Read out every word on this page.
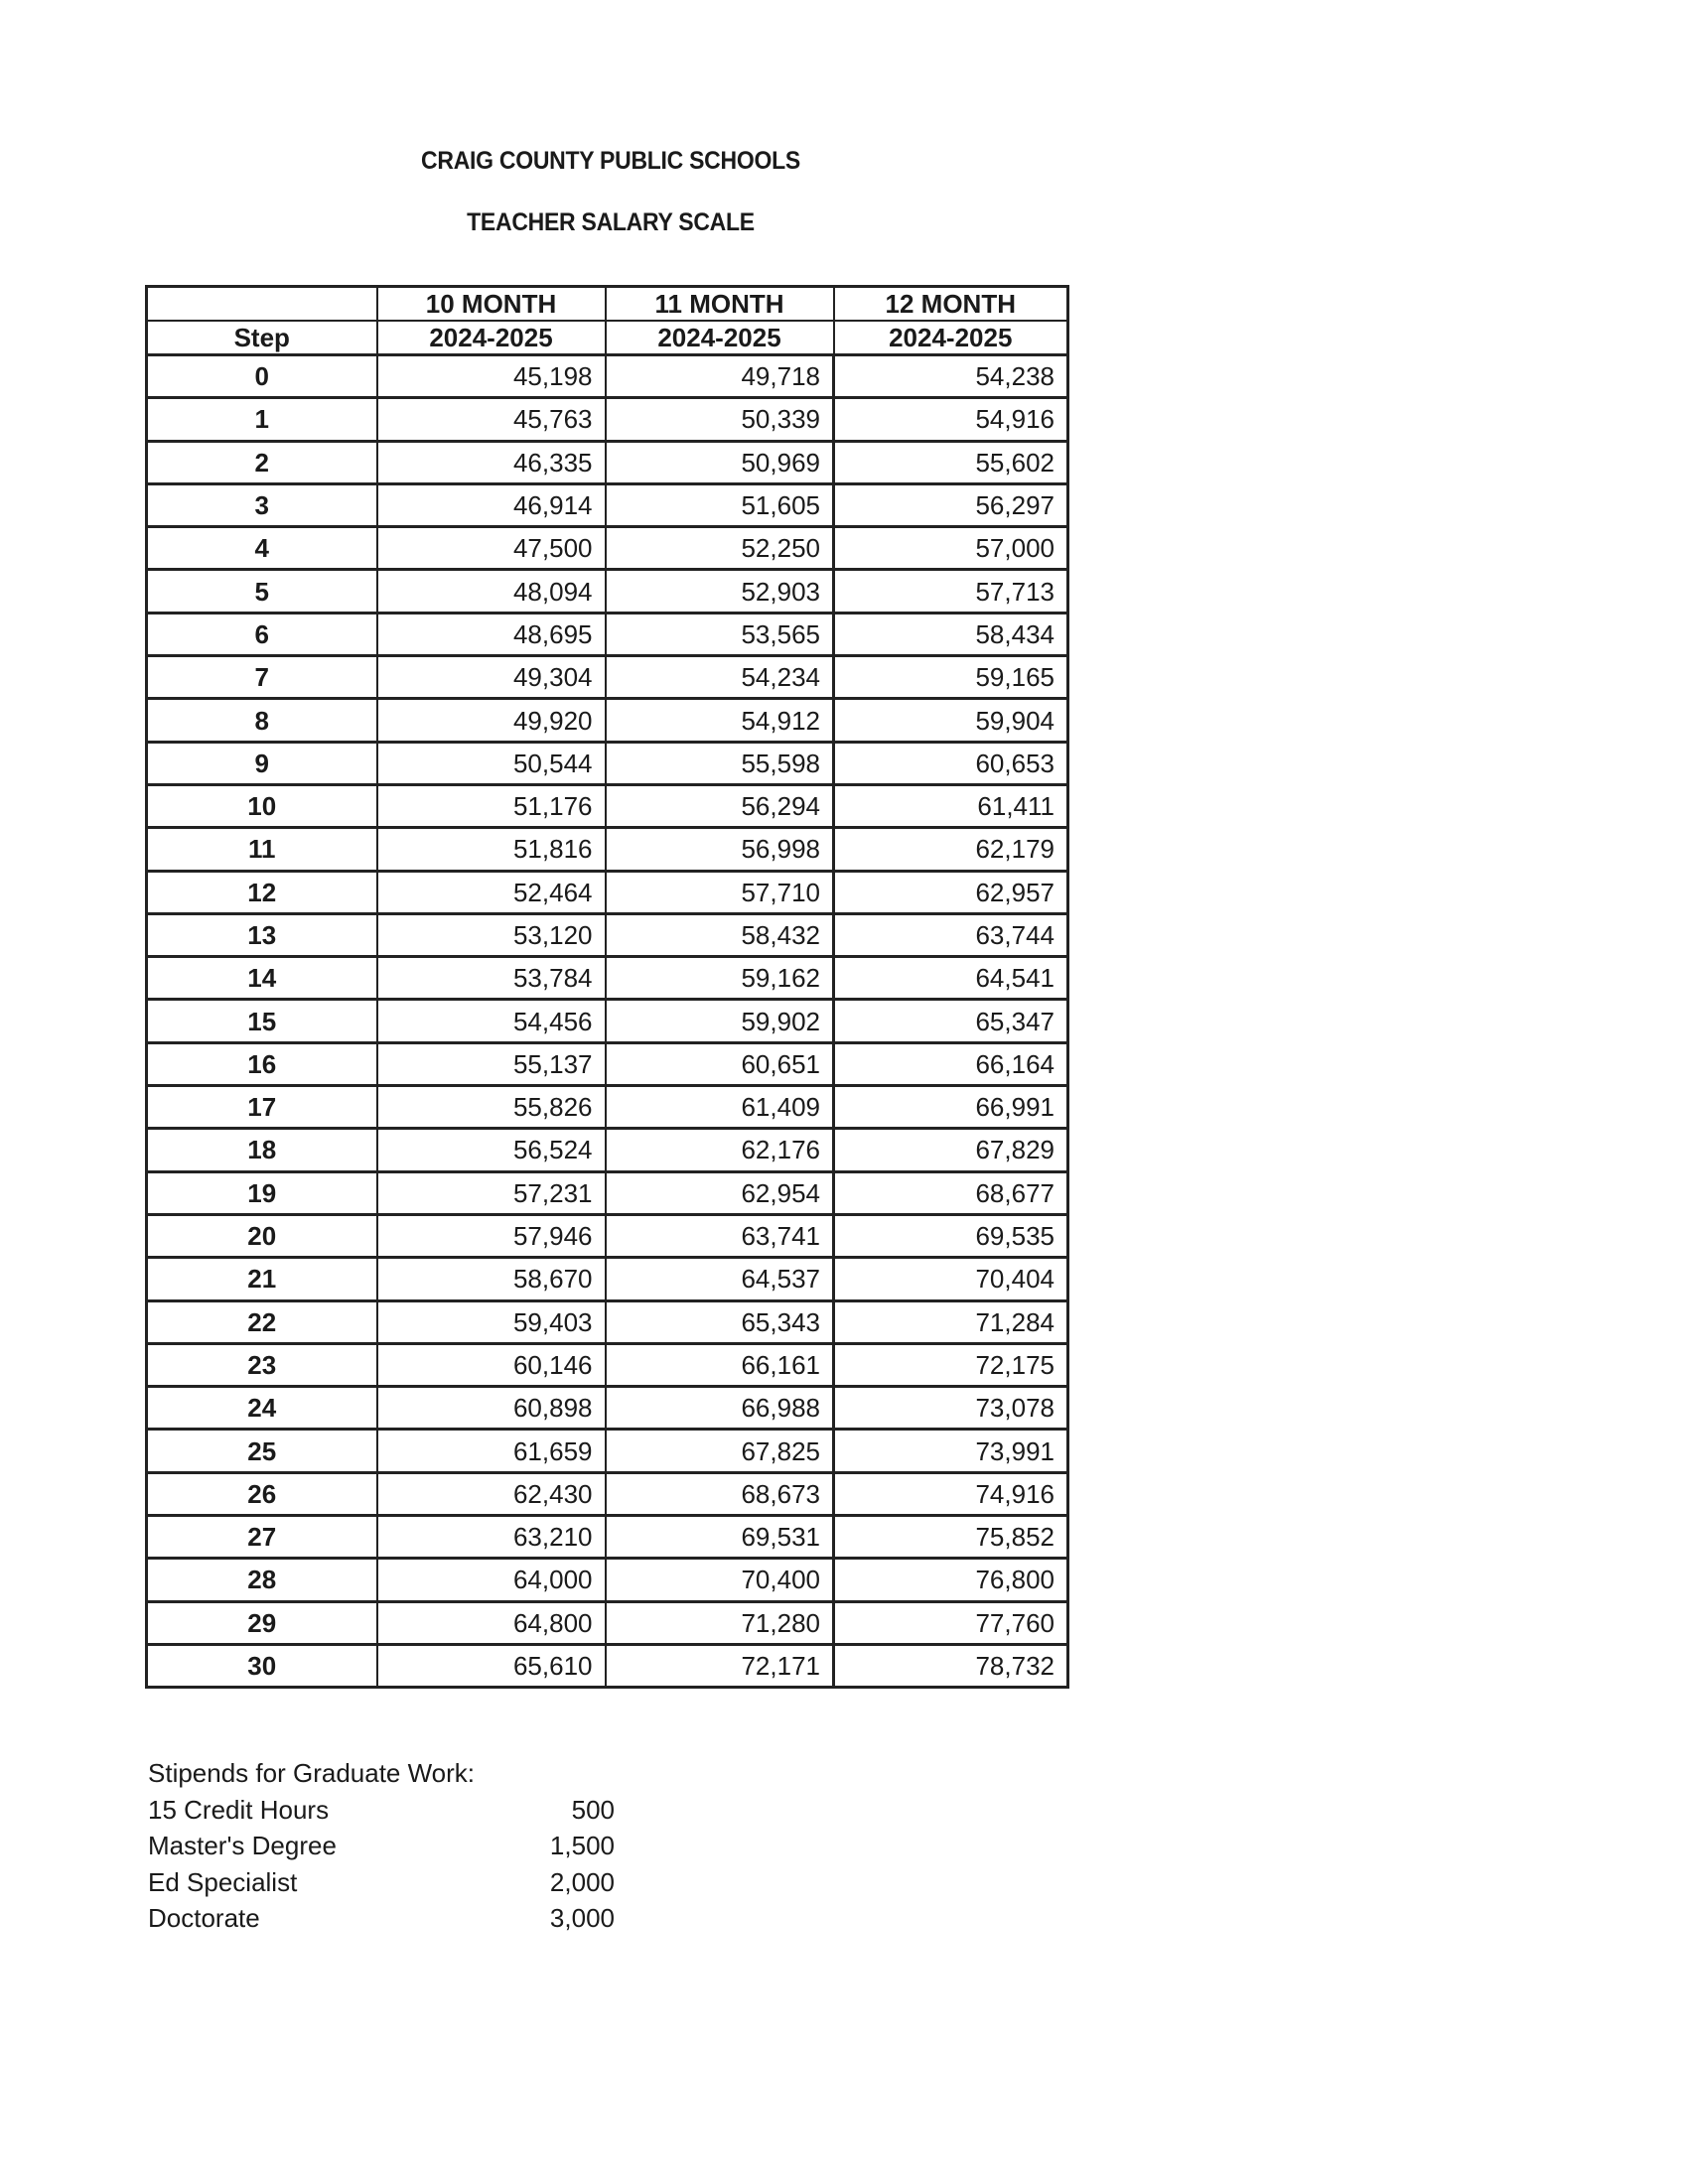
CRAIG COUNTY PUBLIC SCHOOLS
TEACHER SALARY SCALE
	10 MONTH	11 MONTH	12 MONTH
Step	2024-2025	2024-2025	2024-2025
0	45,198	49,718	54,238
1	45,763	50,339	54,916
2	46,335	50,969	55,602
3	46,914	51,605	56,297
4	47,500	52,250	57,000
5	48,094	52,903	57,713
6	48,695	53,565	58,434
7	49,304	54,234	59,165
8	49,920	54,912	59,904
9	50,544	55,598	60,653
10	51,176	56,294	61,411
11	51,816	56,998	62,179
12	52,464	57,710	62,957
13	53,120	58,432	63,744
14	53,784	59,162	64,541
15	54,456	59,902	65,347
16	55,137	60,651	66,164
17	55,826	61,409	66,991
18	56,524	62,176	67,829
19	57,231	62,954	68,677
20	57,946	63,741	69,535
21	58,670	64,537	70,404
22	59,403	65,343	71,284
23	60,146	66,161	72,175
24	60,898	66,988	73,078
25	61,659	67,825	73,991
26	62,430	68,673	74,916
27	63,210	69,531	75,852
28	64,000	70,400	76,800
29	64,800	71,280	77,760
30	65,610	72,171	78,732
Stipends for Graduate Work:
15 Credit Hours	500
Master's Degree	1,500
Ed Specialist	2,000
Doctorate	3,000
